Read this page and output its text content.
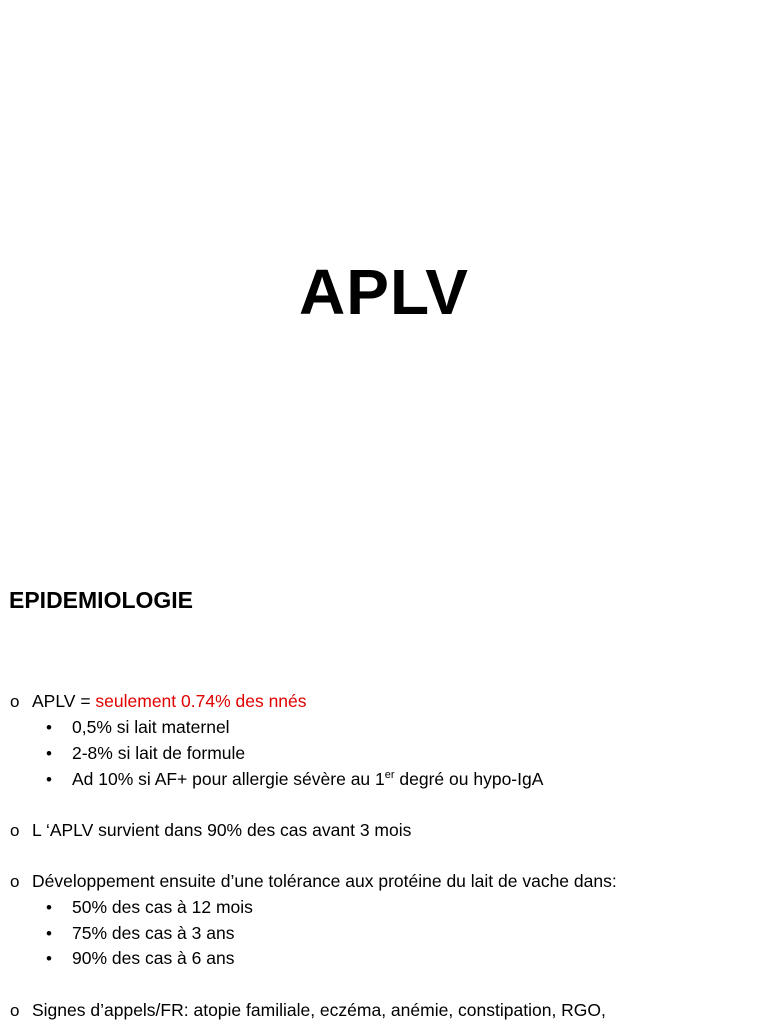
APLV
EPIDEMIOLOGIE
o APLV = seulement 0.74% des nnés
• 0,5% si lait maternel
• 2-8% si lait de formule
• Ad 10% si AF+ pour allergie sévère au 1er degré ou hypo-IgA
o L ‘APLV survient dans 90% des cas avant 3 mois
o Développement ensuite d’une tolérance aux protéine du lait de vache dans:
• 50% des cas à 12 mois
• 75% des cas à 3 ans
• 90% des cas à 6 ans
o Signes d’appels/FR: atopie familiale, eczéma, anémie, constipation, RGO,
